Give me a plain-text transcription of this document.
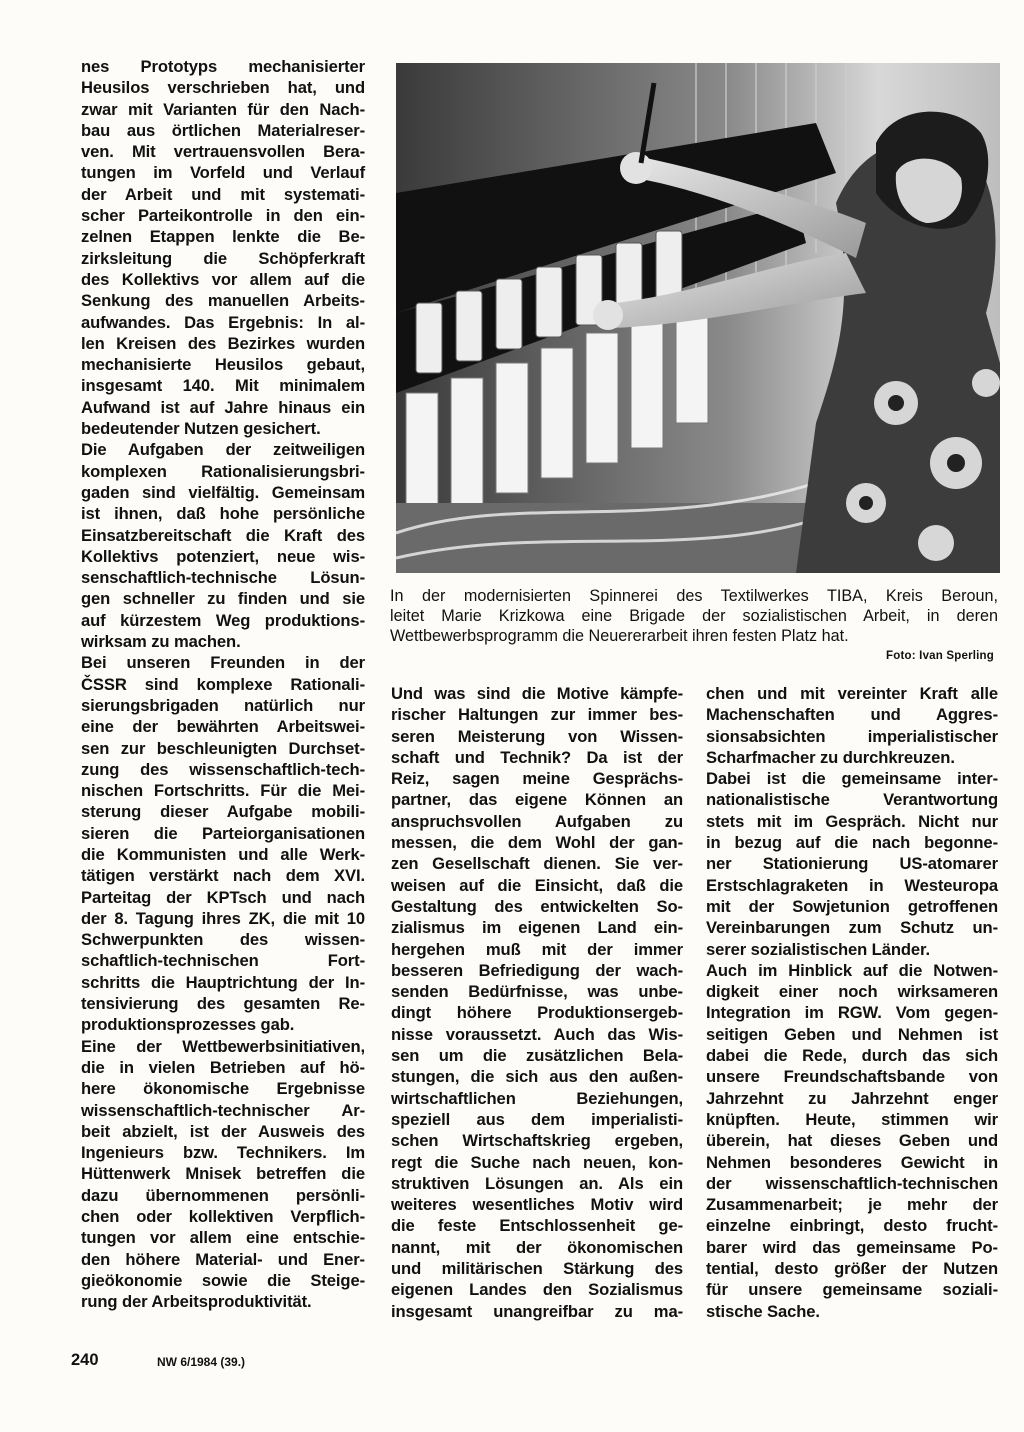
nes Prototyps mechanisierter
Heusilos verschrieben hat, und
zwar mit Varianten für den Nach-
bau aus örtlichen Materialreser-
ven. Mit vertrauensvollen Bera-
tungen im Vorfeld und Verlauf
der Arbeit und mit systemati-
scher Parteikontrolle in den ein-
zelnen Etappen lenkte die Be-
zirksleitung die Schöpferkraft
des Kollektivs vor allem auf die
Senkung des manuellen Arbeits-
aufwandes. Das Ergebnis: In al-
len Kreisen des Bezirkes wurden
mechanisierte Heusilos gebaut,
insgesamt 140. Mit minimalem
Aufwand ist auf Jahre hinaus ein
bedeutender Nutzen gesichert.
Die Aufgaben der zeitweiligen
komplexen Rationalisierungsbri-
gaden sind vielfältig. Gemeinsam
ist ihnen, daß hohe persönliche
Einsatzbereitschaft die Kraft des
Kollektivs potenziert, neue wis-
senschaftlich-technische Lösun-
gen schneller zu finden und sie
auf kürzestem Weg produktions-
wirksam zu machen.
Bei unseren Freunden in der
ČSSR sind komplexe Rationali-
sierungsbrigaden natürlich nur
eine der bewährten Arbeitswei-
sen zur beschleunigten Durchset-
zung des wissenschaftlich-tech-
nischen Fortschritts. Für die Mei-
sterung dieser Aufgabe mobili-
sieren die Parteiorganisationen
die Kommunisten und alle Werk-
tätigen verstärkt nach dem XVI.
Parteitag der KPTsch und nach
der 8. Tagung ihres ZK, die mit 10
Schwerpunkten des wissen-
schaftlich-technischen Fort-
schritts die Hauptrichtung der In-
tensivierung des gesamten Re-
produktionsprozesses gab.
Eine der Wettbewerbsinitiativen,
die in vielen Betrieben auf hö-
here ökonomische Ergebnisse
wissenschaftlich-technischer Ar-
beit abzielt, ist der Ausweis des
Ingenieurs bzw. Technikers. Im
Hüttenwerk Mnisek betreffen die
dazu übernommenen persönli-
chen oder kollektiven Verpflich-
tungen vor allem eine entschie-
den höhere Material- und Ener-
gieökonomie sowie die Steige-
rung der Arbeitsproduktivität.
In der modernisierten Spinnerei des Textilwerkes TIBA, Kreis Beroun,
leitet Marie Krizkowa eine Brigade der sozialistischen Arbeit, in deren
Wettbewerbsprogramm die Neuererarbeit ihren festen Platz hat.
Foto: Ivan Sperling
Und was sind die Motive kämpfe-
rischer Haltungen zur immer bes-
seren Meisterung von Wissen-
schaft und Technik? Da ist der
Reiz, sagen meine Gesprächs-
partner, das eigene Können an
anspruchsvollen Aufgaben zu
messen, die dem Wohl der gan-
zen Gesellschaft dienen. Sie ver-
weisen auf die Einsicht, daß die
Gestaltung des entwickelten So-
zialismus im eigenen Land ein-
hergehen muß mit der immer
besseren Befriedigung der wach-
senden Bedürfnisse, was unbe-
dingt höhere Produktionsergeb-
nisse voraussetzt. Auch das Wis-
sen um die zusätzlichen Bela-
stungen, die sich aus den außen-
wirtschaftlichen Beziehungen,
speziell aus dem imperialisti-
schen Wirtschaftskrieg ergeben,
regt die Suche nach neuen, kon-
struktiven Lösungen an. Als ein
weiteres wesentliches Motiv wird
die feste Entschlossenheit ge-
nannt, mit der ökonomischen
und militärischen Stärkung des
eigenen Landes den Sozialismus
insgesamt unangreifbar zu ma-
chen und mit vereinter Kraft alle
Machenschaften und Aggres-
sionsabsichten imperialistischer
Scharfmacher zu durchkreuzen.
Dabei ist die gemeinsame inter-
nationalistische Verantwortung
stets mit im Gespräch. Nicht nur
in bezug auf die nach begonne-
ner Stationierung US-atomarer
Erstschlagraketen in Westeuropa
mit der Sowjetunion getroffenen
Vereinbarungen zum Schutz un-
serer sozialistischen Länder.
Auch im Hinblick auf die Notwen-
digkeit einer noch wirksameren
Integration im RGW. Vom gegen-
seitigen Geben und Nehmen ist
dabei die Rede, durch das sich
unsere Freundschaftsbande von
Jahrzehnt zu Jahrzehnt enger
knüpften. Heute, stimmen wir
überein, hat dieses Geben und
Nehmen besonderes Gewicht in
der wissenschaftlich-technischen
Zusammenarbeit; je mehr der
einzelne einbringt, desto frucht-
barer wird das gemeinsame Po-
tential, desto größer der Nutzen
für unsere gemeinsame soziali-
stische Sache.
240	NW 6/1984 (39.)
